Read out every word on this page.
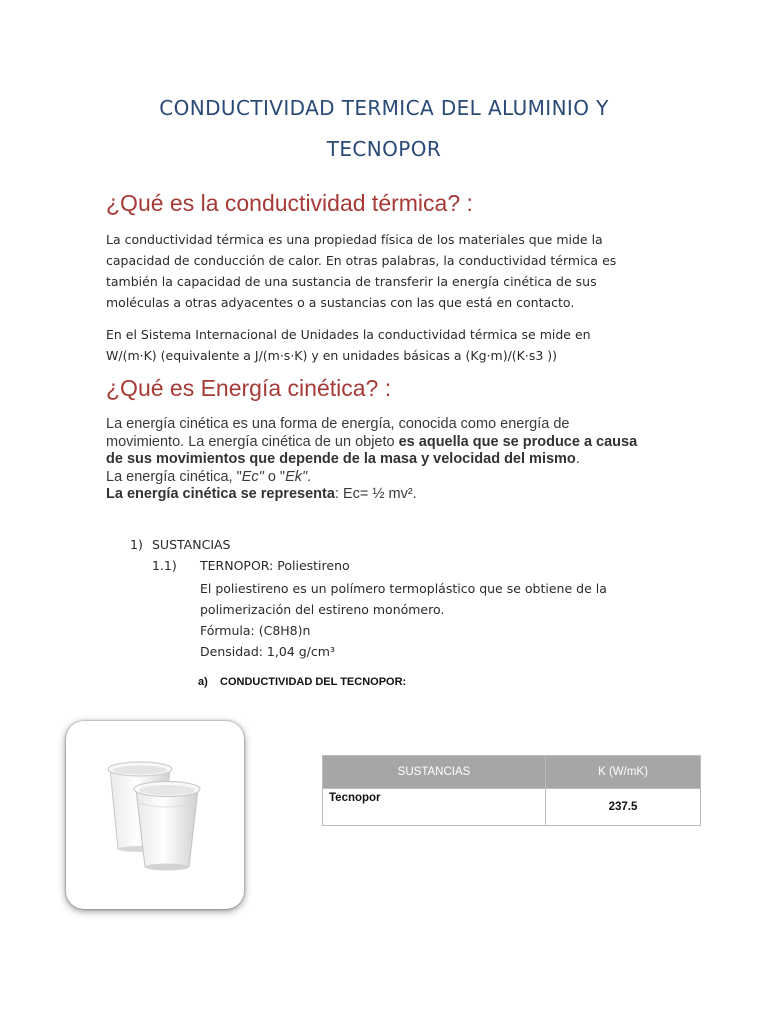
CONDUCTIVIDAD TERMICA DEL ALUMINIO Y
TECNOPOR
¿Qué es la conductividad térmica? :
La conductividad térmica es una propiedad física de los materiales que mide la capacidad de conducción de calor. En otras palabras, la conductividad térmica es también la capacidad de una sustancia de transferir la energía cinética de sus moléculas a otras adyacentes o a sustancias con las que está en contacto.
En el Sistema Internacional de Unidades la conductividad térmica se mide en
W/(m·K) (equivalente a J/(m·s·K) y en unidades básicas a (Kg·m)/(K·s3 ))
¿Qué es Energía cinética? :
La energía cinética es una forma de energía, conocida como energía de
movimiento. La energía cinética de un objeto es aquella que se produce a causa
de sus movimientos que depende de la masa y velocidad del mismo.
La energía cinética, "Ec" o "Ek".
La energía cinética se representa: Ec= ½ mv².
1) SUSTANCIAS
1.1) TERNOPOR: Poliestireno
El poliestireno es un polímero termoplástico que se obtiene de la polimerización del estireno monómero.
Fórmula: (C8H8)n
Densidad: 1,04 g/cm³
a) CONDUCTIVIDAD DEL TECNOPOR:
SUSTANCIAS	K (W/mK)
Tecnopor	237.5
